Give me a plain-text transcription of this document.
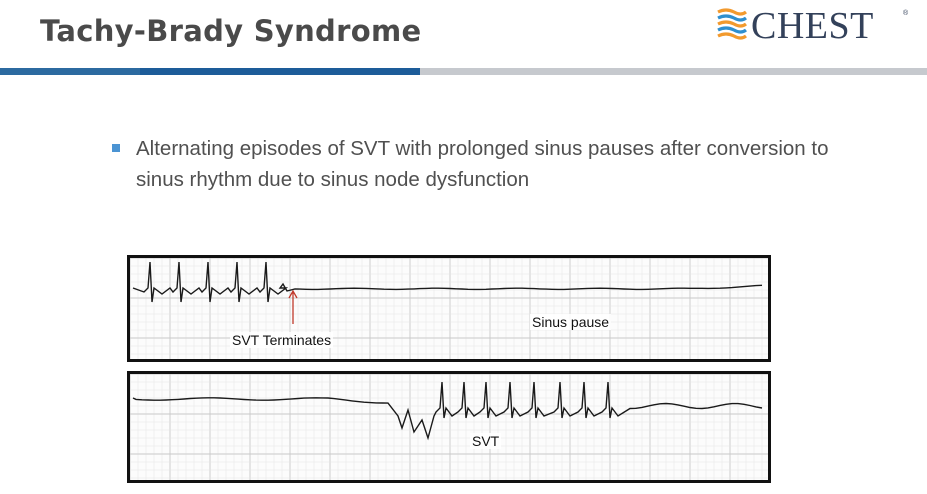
Tachy-Brady Syndrome	CHEST	®
Alternating episodes of SVT with prolonged sinus pauses after conversion to sinus rhythm due to sinus node dysfunction
SVT Terminates
Sinus pause
SVT
